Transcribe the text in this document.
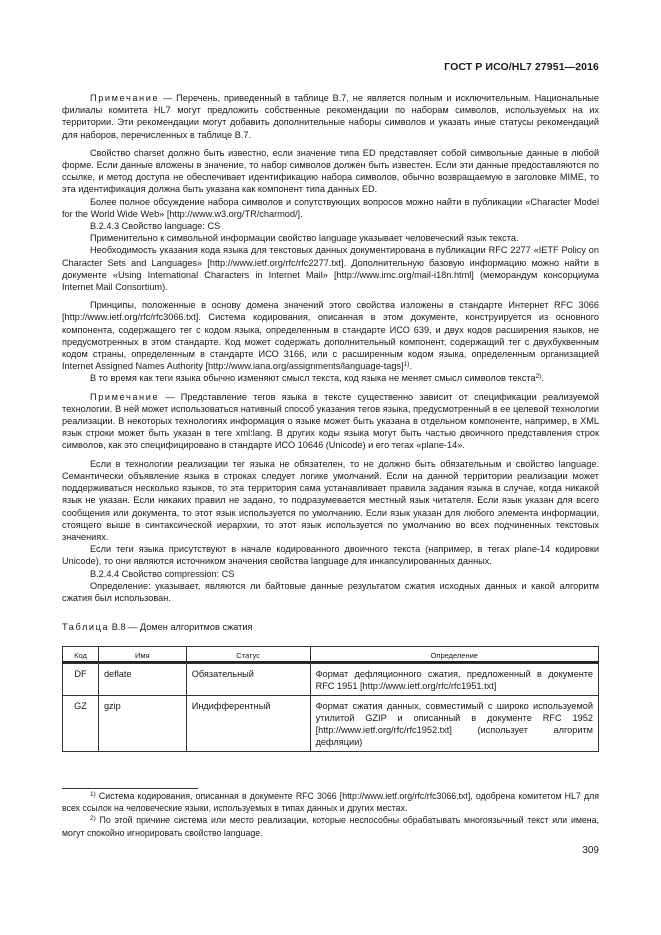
ГОСТ Р ИСО/HL7 27951—2016

Примечание — Перечень, приведенный в таблице В.7, не является полным и исключительным. Национальные филиалы комитета HL7 могут предложить собственные рекомендации по наборам символов, используемых на их территории. Эти рекомендации могут добавить дополнительные наборы символов и указать иные статусы рекомендаций для наборов, перечисленных в таблице В.7.

Свойство charset должно быть известно, если значение типа ED представляет собой символьные данные в любой форме. Если данные вложены в значение, то набор символов должен быть известен. Если эти данные предоставляются по ссылке, и метод доступа не обеспечивает идентификацию набора символов, обычно возвращаемую в заголовке MIME, то эта идентификация должна быть указана как компонент типа данных ED.

Более полное обсуждение набора символов и сопутствующих вопросов можно найти в публикации «Character Model for the World Wide Web» [http://www.w3.org/TR/charmod/].

В.2.4.3 Свойство language: CS

Применительно к символьной информации свойство language указывает человеческий язык текста.

Необходимость указания кода языка для текстовых данных документирована в публикации RFC 2277 «IETF Policy on Character Sets and Languages» [http://www.ietf.org/rfc/rfc2277.txt]. Дополнительную базовую информацию можно найти в документе «Using International Characters in Internet Mail» [http://www.imc.org/mail-i18n.html] (меморандум консорциума Internet Mail Consortium).

Принципы, положенные в основу домена значений этого свойства изложены в стандарте Интернет RFC 3066 [http://www.ietf.org/rfc/rfc3066.txt]. Система кодирования, описанная в этом документе, конструируется из основного компонента, содержащего тег с кодом языка, определенным в стандарте ИСО 639, и двух кодов расширения языков, не предусмотренных в этом стандарте. Код может содержать дополнительный компонент, содержащий тег с двухбуквенным кодом страны, определенным в стандарте ИСО 3166, или с расширенным кодом языка, определенным организацией Internet Assigned Names Authority [http://www.iana.org/assignments/language-tags]$^{1)}$.

В то время как теги языка обычно изменяют смысл текста, код языка не меняет смысл символов текста$^{2)}$.

Примечание — Представление тегов языка в тексте существенно зависит от спецификации реализуемой технологии. В ней может использоваться нативный способ указания тегов языка, предусмотренный в ее целевой технологии реализации. В некоторых технологиях информация о языке может быть указана в отдельном компоненте, например, в XML язык строки может быть указан в теге xml:lang. В других коды языка могут быть частью двоичного представления строк символов, как это специфицировано в стандарте ИСО 10646 (Unicode) и его тегах «plane-14».

Если в технологии реализации тег языка не обязателен, то не должно быть обязательным и свойство language. Семантически объявление языка в строках следует логике умолчаний. Если на данной территории реализации может поддерживаться несколько языков, то эта территория сама устанавливает правила задания языка в случае, когда никакой язык не указан. Если никаких правил не задано, то подразумевается местный язык читателя. Если язык указан для всего сообщения или документа, то этот язык используется по умолчанию. Если язык указан для любого элемента информации, стоящего выше в синтаксической иерархии, то этот язык используется по умолчанию во всех подчиненных текстовых значениях.

Если теги языка присутствуют в начале кодированного двоичного текста (например, в тегах plane-14 кодировки Unicode), то они являются источником значения свойства language для инкапсулированных данных.

В.2.4.4 Свойство compression: CS

Определение: указывает, являются ли байтовые данные результатом сжатия исходных данных и какой алгоритм сжатия был использован.

Таблица В.8 — Домен алгоритмов сжатия
Код	Имя	Статус	Определение
DF	deflate	Обязательный	Формат дефляционного сжатия, предложенный в документе RFC 1951 [http://www.ietf.org/rfc/rfc1951.txt]
GZ	gzip	Индифферентный	Формат сжатия данных, совместимый с широко используемой утилитой GZIP и описанный в документе RFC 1952 [http://www.ietf.org/rfc/rfc1952.txt] (использует алгоритм дефляции)

$^{1)}$ Система кодирования, описанная в документе RFC 3066 [http://www.ietf.org/rfc/rfc3066.txt], одобрена комитетом HL7 для всех ссылок на человеческие языки, используемых в типах данных и других местах.

$^{2)}$ По этой причине система или место реализации, которые неспособны обрабатывать многоязычный текст или имена, могут спокойно игнорировать свойство language.

309
